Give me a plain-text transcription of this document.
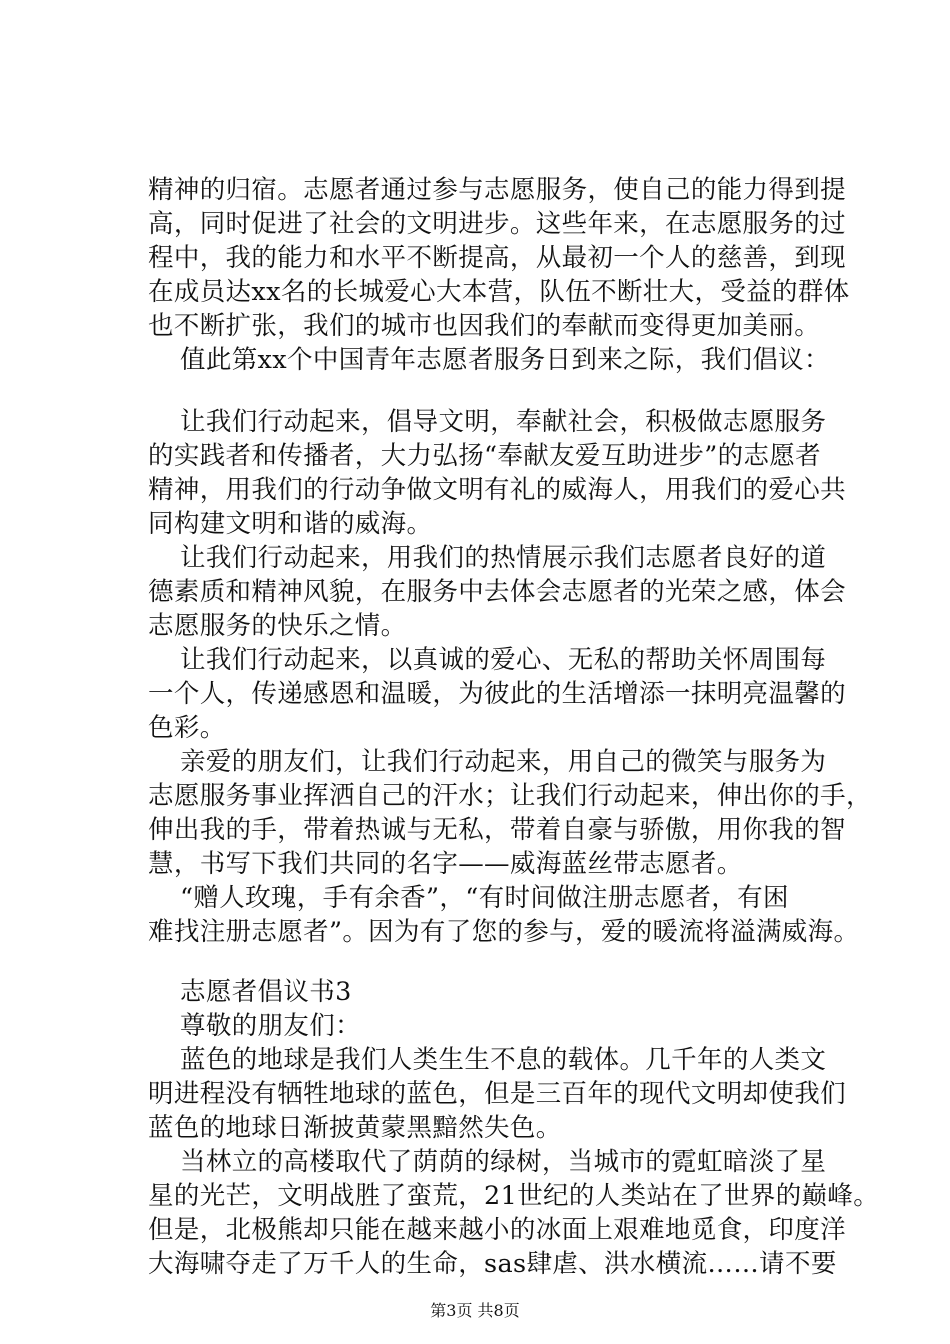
精神的归宿。志愿者通过参与志愿服务，使自己的能力得到提
高，同时促进了社会的文明进步。这些年来，在志愿服务的过
程中，我的能力和水平不断提高，从最初一个人的慈善，到现
在成员达xx名的长城爱心大本营，队伍不断壮大，受益的群体
也不断扩张，我们的城市也因我们的奉献而变得更加美丽。
值此第xx个中国青年志愿者服务日到来之际，我们倡议：
让我们行动起来，倡导文明，奉献社会，积极做志愿服务
的实践者和传播者，大力弘扬“奉献友爱互助进步”的志愿者
精神，用我们的行动争做文明有礼的威海人，用我们的爱心共
同构建文明和谐的威海。
让我们行动起来，用我们的热情展示我们志愿者良好的道
德素质和精神风貌，在服务中去体会志愿者的光荣之感，体会
志愿服务的快乐之情。
让我们行动起来，以真诚的爱心、无私的帮助关怀周围每
一个人，传递感恩和温暖，为彼此的生活增添一抹明亮温馨的
色彩。
亲爱的朋友们，让我们行动起来，用自己的微笑与服务为
志愿服务事业挥洒自己的汗水；让我们行动起来，伸出你的手，
伸出我的手，带着热诚与无私，带着自豪与骄傲，用你我的智
慧，书写下我们共同的名字——威海蓝丝带志愿者。
“赠人玫瑰，手有余香”，“有时间做注册志愿者，有困
难找注册志愿者”。因为有了您的参与，爱的暖流将溢满威海。
志愿者倡议书3
尊敬的朋友们：
蓝色的地球是我们人类生生不息的载体。几千年的人类文
明进程没有牺牲地球的蓝色，但是三百年的现代文明却使我们
蓝色的地球日渐披黄蒙黑黯然失色。
当林立的高楼取代了荫荫的绿树，当城市的霓虹暗淡了星
星的光芒，文明战胜了蛮荒，21世纪的人类站在了世界的巅峰。
但是，北极熊却只能在越来越小的冰面上艰难地觅食，印度洋
大海啸夺走了万千人的生命，sas肆虐、洪水横流……请不要
第3页 共8页
